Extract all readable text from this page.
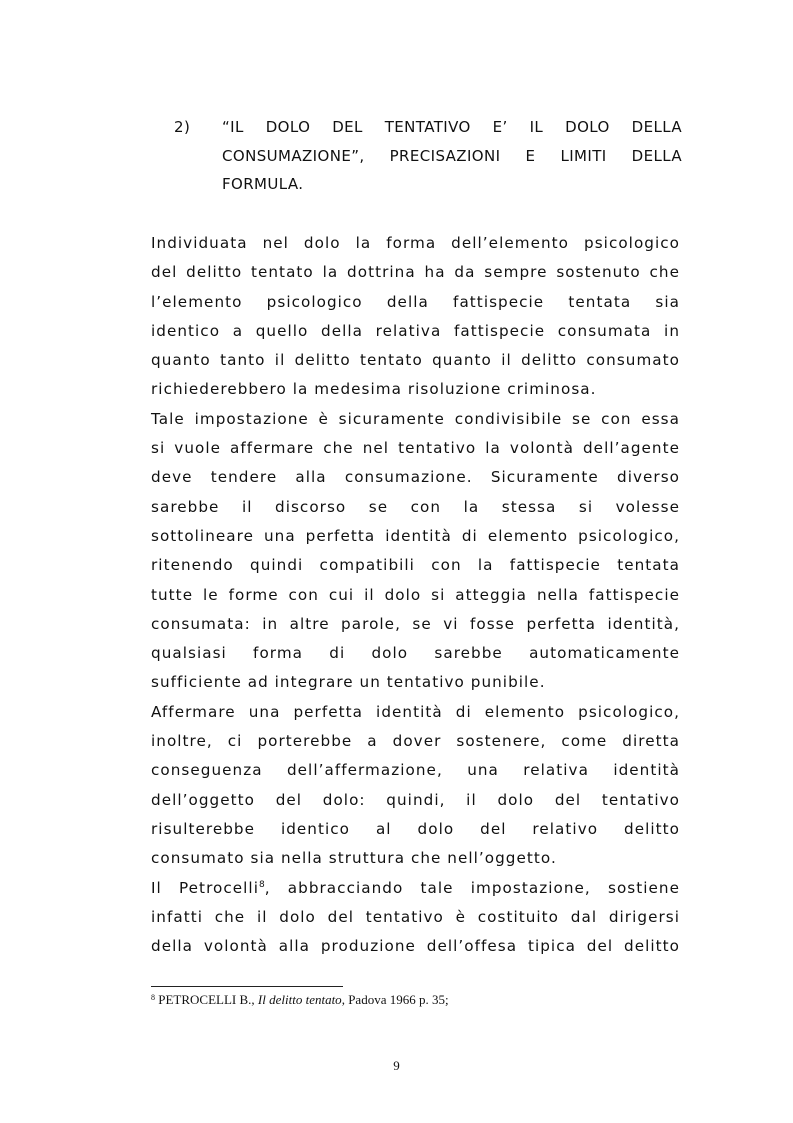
2) “IL DOLO DEL TENTATIVO E’ IL DOLO DELLA
CONSUMAZIONE”, PRECISAZIONI E LIMITI DELLA
FORMULA.
Individuata nel dolo la forma dell’elemento psicologico
del delitto tentato la dottrina ha da sempre sostenuto che
l’elemento psicologico della fattispecie tentata sia
identico a quello della relativa fattispecie consumata in
quanto tanto il delitto tentato quanto il delitto consumato
richiederebbero la medesima risoluzione criminosa.
Tale impostazione è sicuramente condivisibile se con essa
si vuole affermare che nel tentativo la volontà dell’agente
deve tendere alla consumazione. Sicuramente diverso
sarebbe il discorso se con la stessa si volesse
sottolineare una perfetta identità di elemento psicologico,
ritenendo quindi compatibili con la fattispecie tentata
tutte le forme con cui il dolo si atteggia nella fattispecie
consumata: in altre parole, se vi fosse perfetta identità,
qualsiasi forma di dolo sarebbe automaticamente
sufficiente ad integrare un tentativo punibile.
Affermare una perfetta identità di elemento psicologico,
inoltre, ci porterebbe a dover sostenere, come diretta
conseguenza dell’affermazione, una relativa identità
dell’oggetto del dolo: quindi, il dolo del tentativo
risulterebbe identico al dolo del relativo delitto
consumato sia nella struttura che nell’oggetto.
Il Petrocelli$^8$, abbracciando tale impostazione, sostiene
infatti che il dolo del tentativo è costituito dal dirigersi
della volontà alla produzione dell’offesa tipica del delitto
$^8$ PETROCELLI B., Il delitto tentato, Padova 1966 p. 35;
9
